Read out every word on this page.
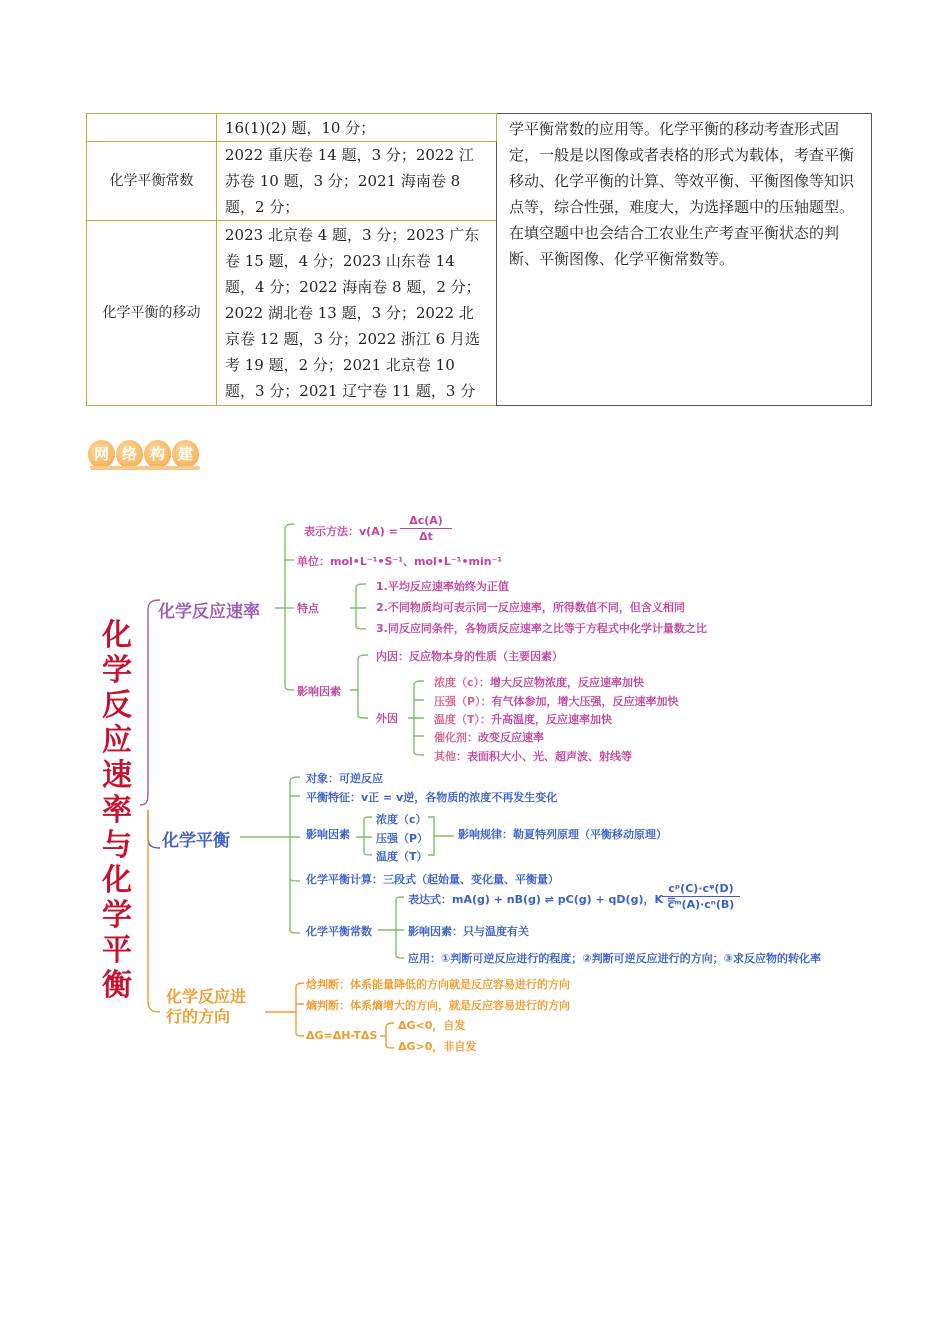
	16(1)(2) 题，10 分；	学平衡常数的应用等。化学平衡的移动考查形式固定，一般是以图像或者表格的形式为载体，考查平衡移动、化学平衡的计算、等效平衡、平衡图像等知识点等，综合性强，难度大，为选择题中的压轴题型。在填空题中也会结合工农业生产考查平衡状态的判断、平衡图像、化学平衡常数等。
化学平衡常数	2022 重庆卷 14 题，3 分；2022 江苏卷 10 题，3 分；2021 海南卷 8 题，2 分；	
化学平衡的移动	2023 北京卷 4 题，3 分；2023 广东卷 15 题，4 分；2023 山东卷 14 题，4 分；2022 海南卷 8 题，2 分；2022 湖北卷 13 题，3 分；2022 北京卷 12 题，3 分；2022 浙江 6 月选考 19 题，2 分；2021 北京卷 10 题，3 分；2021 辽宁卷 11 题，3 分	
网 络 构 建
化学反应速率与化学平衡
化学反应速率
表示方法：v(A) =
Δc(A)
Δt
单位：mol•L⁻¹•S⁻¹、mol•L⁻¹•min⁻¹
特点
1.平均反应速率始终为正值
2.不同物质均可表示同一反应速率，所得数值不同，但含义相同
3.同反应同条件，各物质反应速率之比等于方程式中化学计量数之比
影响因素
内因：反应物本身的性质（主要因素）
外因
浓度（c）：增大反应物浓度，反应速率加快
压强（P）：有气体参加，增大压强，反应速率加快
温度（T）：升高温度，反应速率加快
催化剂：改变反应速率
其他：表面积大小、光、超声波、射线等
化学平衡
对象：可逆反应
平衡特征：v正 = v逆，各物质的浓度不再发生变化
影响因素
浓度（c）
压强（P）
温度（T）
影响规律：勒夏特列原理（平衡移动原理）
化学平衡计算：三段式（起始量、变化量、平衡量）
化学平衡常数
表达式：mA(g) + nB(g) ⇌ pC(g) + qD(g)，K =
cᵖ(C)·cᵠ(D)
cᵐ(A)·cⁿ(B)
影响因素：只与温度有关
应用：①判断可逆反应进行的程度；②判断可逆反应进行的方向；③求反应物的转化率
化学反应进
行的方向
焓判断：体系能量降低的方向就是反应容易进行的方向
熵判断：体系熵增大的方向，就是反应容易进行的方向
ΔG=ΔH-TΔS
ΔG<0，自发
ΔG>0，非自发
